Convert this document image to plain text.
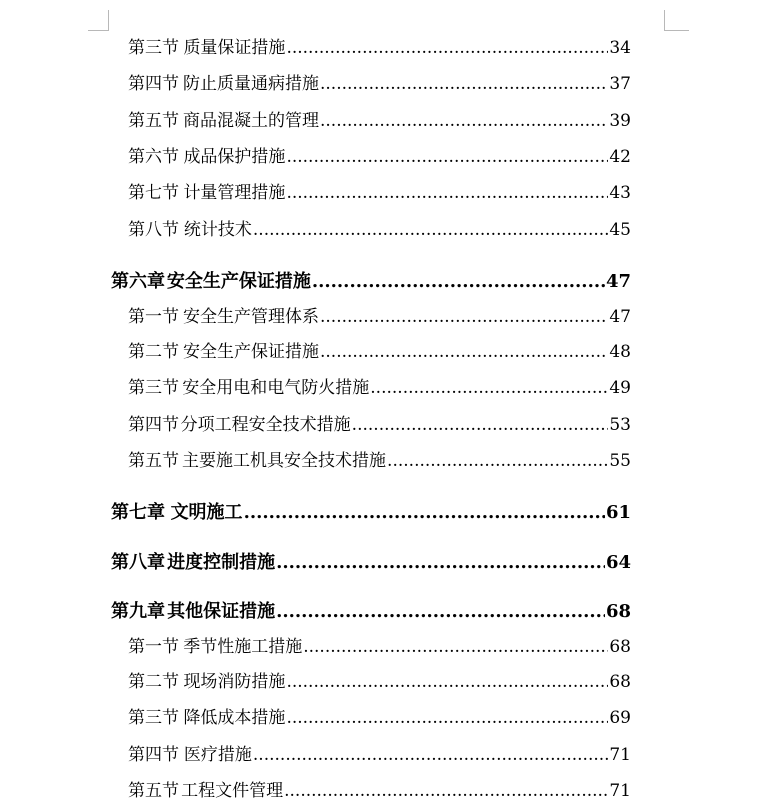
第三节 质量保证措施 .....	34
第四节 防止质量通病措施 .....	37
第五节 商品混凝土的管理 .....	39
第六节 成品保护措施 .....	42
第七节 计量管理措施 .....	43
第八节 统计技术 .....	45
第六章 安全生产保证措施 .....	47
第一节 安全生产管理体系 .....	47
第二节 安全生产保证措施 .....	48
第三节 安全用电和电气防火措施 .....	49
第四节 分项工程安全技术措施 .....	53
第五节 主要施工机具安全技术措施 .....	55
第七章 文明施工 .....	61
第八章 进度控制措施 .....	64
第九章 其他保证措施 .....	68
第一节 季节性施工措施 .....	68
第二节 现场消防措施 .....	68
第三节 降低成本措施 .....	69
第四节 医疗措施 .....	71
第五节 工程文件管理 .....	71
